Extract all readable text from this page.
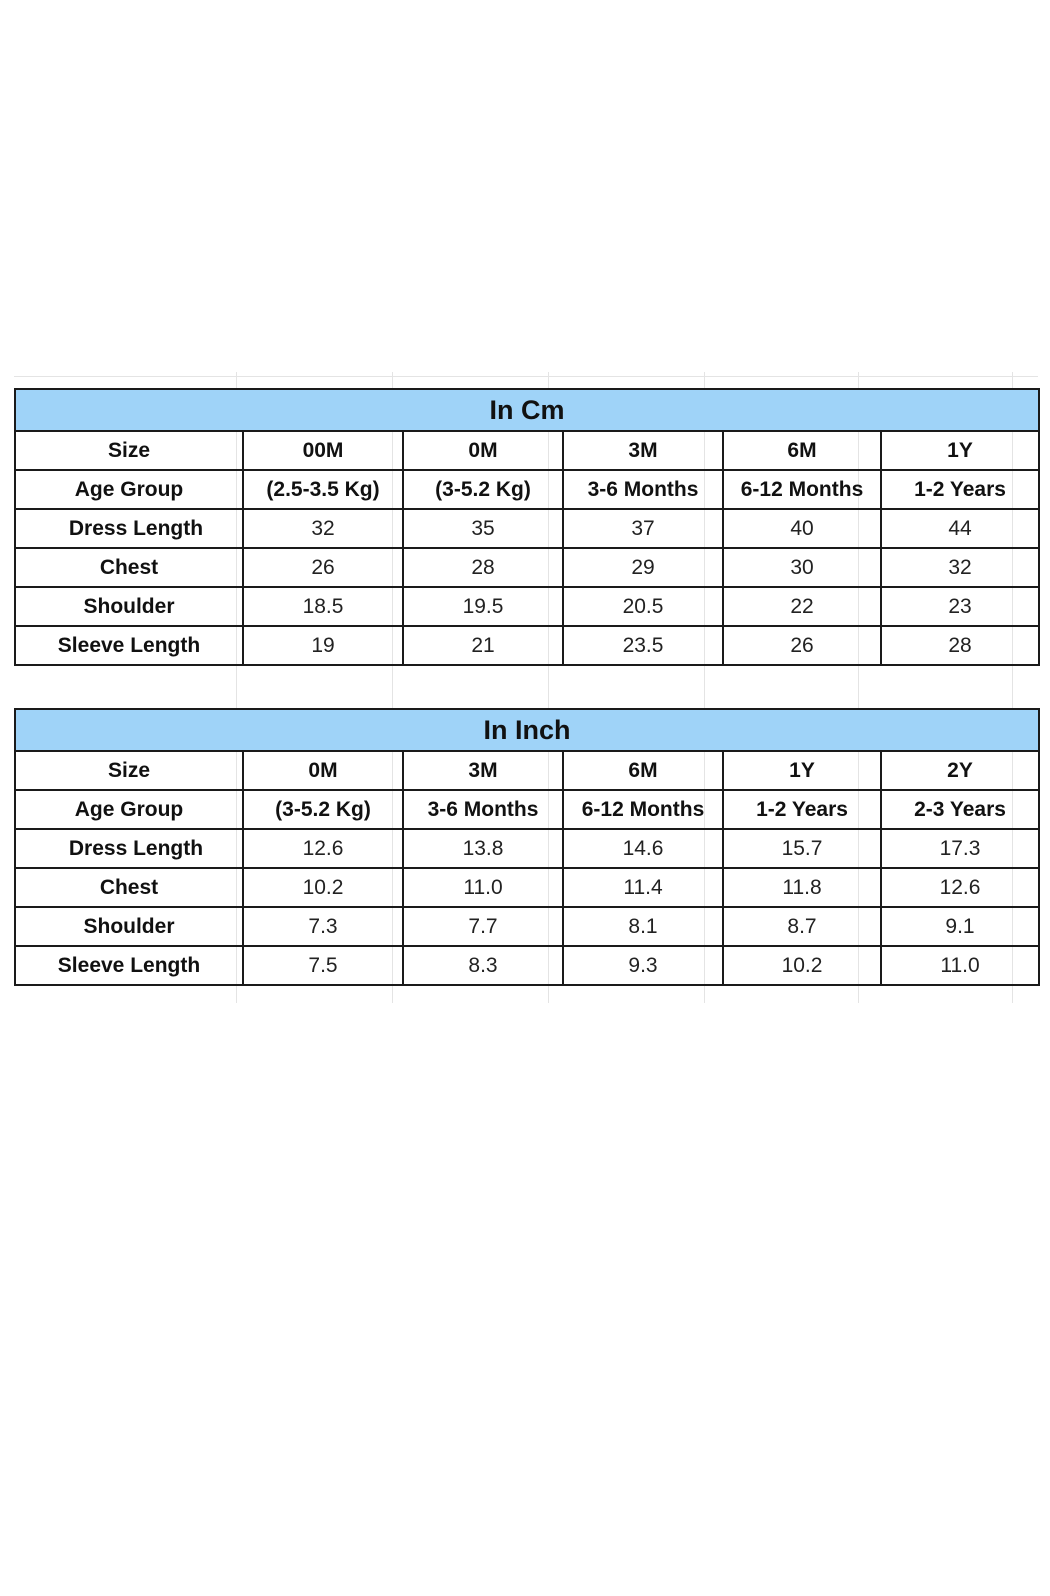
In Cm					
Size	00M	0M	3M	6M	1Y
Age Group	(2.5-3.5 Kg)	(3-5.2 Kg)	3-6 Months	6-12 Months	1-2 Years
Dress Length	32	35	37	40	44
Chest	26	28	29	30	32
Shoulder	18.5	19.5	20.5	22	23
Sleeve Length	19	21	23.5	26	28
In Inch					
Size	0M	3M	6M	1Y	2Y
Age Group	(3-5.2 Kg)	3-6 Months	6-12 Months	1-2 Years	2-3 Years
Dress Length	12.6	13.8	14.6	15.7	17.3
Chest	10.2	11.0	11.4	11.8	12.6
Shoulder	7.3	7.7	8.1	8.7	9.1
Sleeve Length	7.5	8.3	9.3	10.2	11.0
